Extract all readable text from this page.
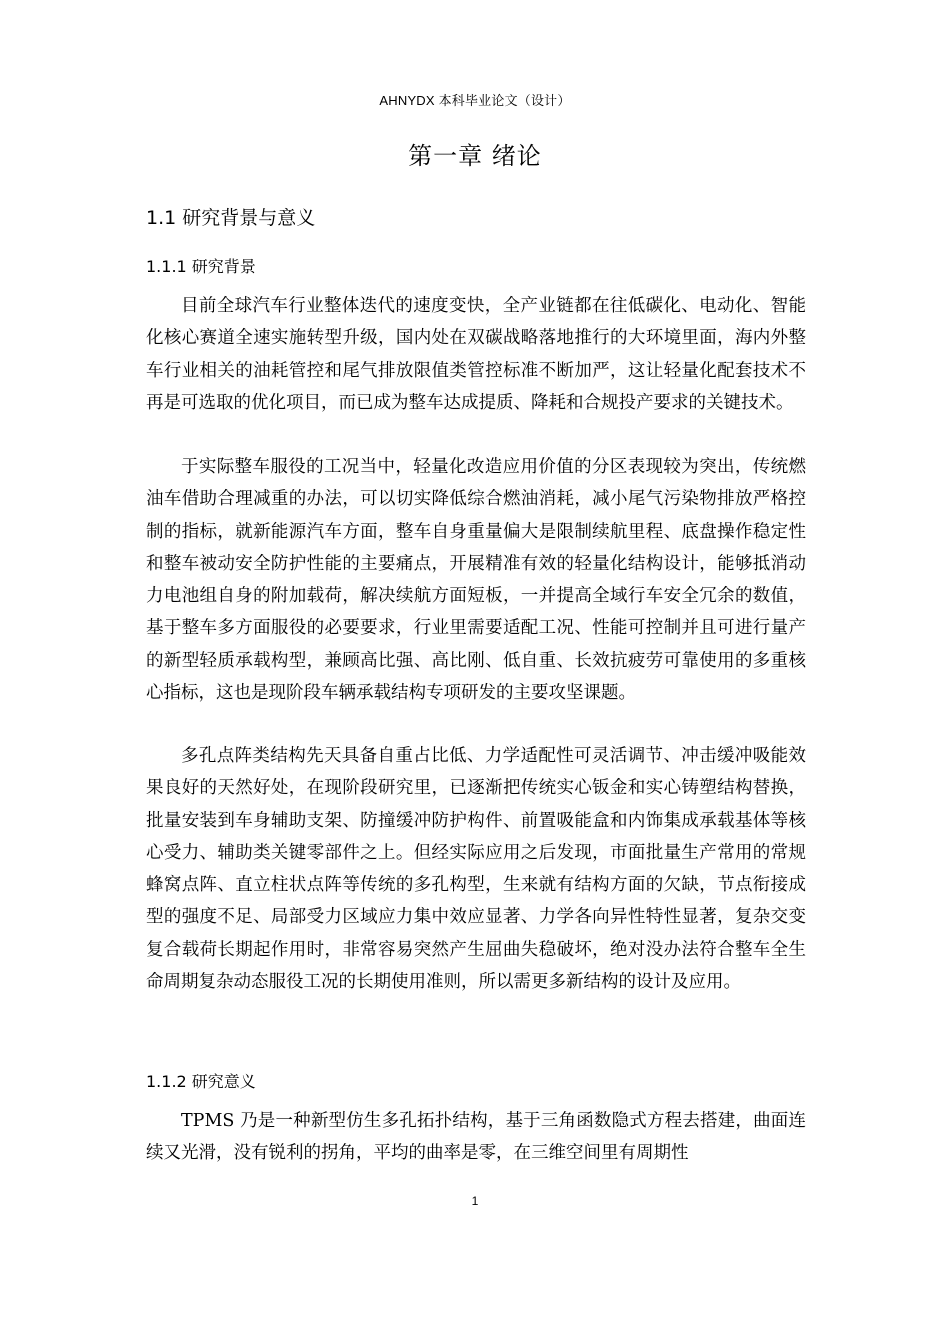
AHNYDX 本科毕业论文（设计）
第一章 绪论
1.1 研究背景与意义
1.1.1 研究背景

目前全球汽车行业整体迭代的速度变快，全产业链都在往低碳化、电动化、智能化核心赛道全速实施转型升级，国内处在双碳战略落地推行的大环境里面，海内外整车行业相关的油耗管控和尾气排放限值类管控标准不断加严，这让轻量化配套技术不再是可选取的优化项目，而已成为整车达成提质、降耗和合规投产要求的关键技术。

于实际整车服役的工况当中，轻量化改造应用价值的分区表现较为突出，传统燃油车借助合理减重的办法，可以切实降低综合燃油消耗，减小尾气污染物排放严格控制的指标，就新能源汽车方面，整车自身重量偏大是限制续航里程、底盘操作稳定性和整车被动安全防护性能的主要痛点，开展精准有效的轻量化结构设计，能够抵消动力电池组自身的附加载荷，解决续航方面短板，一并提高全域行车安全冗余的数值，基于整车多方面服役的必要要求，行业里需要适配工况、性能可控制并且可进行量产的新型轻质承载构型，兼顾高比强、高比刚、低自重、长效抗疲劳可靠使用的多重核心指标，这也是现阶段车辆承载结构专项研发的主要攻坚课题。

多孔点阵类结构先天具备自重占比低、力学适配性可灵活调节、冲击缓冲吸能效果良好的天然好处，在现阶段研究里，已逐渐把传统实心钣金和实心铸塑结构替换，批量安装到车身辅助支架、防撞缓冲防护构件、前置吸能盒和内饰集成承载基体等核心受力、辅助类关键零部件之上。但经实际应用之后发现，市面批量生产常用的常规蜂窝点阵、直立柱状点阵等传统的多孔构型，生来就有结构方面的欠缺，节点衔接成型的强度不足、局部受力区域应力集中效应显著、力学各向异性特性显著，复杂交变复合载荷长期起作用时，非常容易突然产生屈曲失稳破坏，绝对没办法符合整车全生命周期复杂动态服役工况的长期使用准则，所以需更多新结构的设计及应用。

1.1.2 研究意义

TPMS 乃是一种新型仿生多孔拓扑结构，基于三角函数隐式方程去搭建，曲面连续又光滑，没有锐利的拐角，平均的曲率是零，在三维空间里有周期性

1
